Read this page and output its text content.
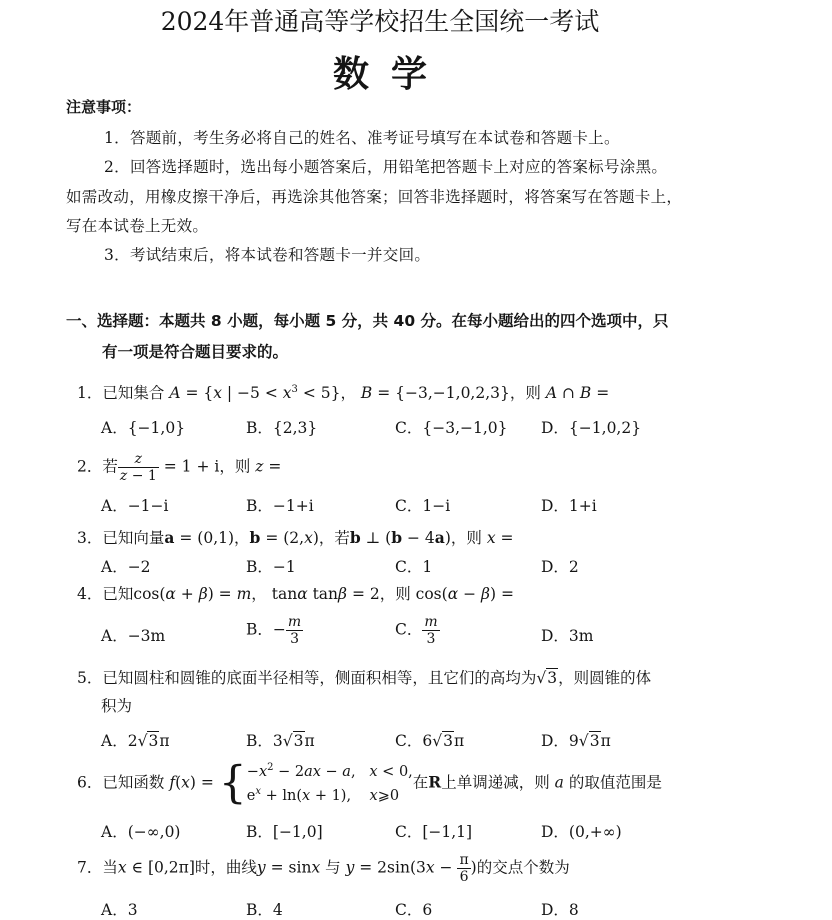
2024年普通高等学校招生全国统一考试
数学
注意事项：
1．答题前，考生务必将自己的姓名、准考证号填写在本试卷和答题卡上。
2．回答选择题时，选出每小题答案后，用铅笔把答题卡上对应的答案标号涂黑。
如需改动，用橡皮擦干净后，再选涂其他答案；回答非选择题时，将答案写在答题卡上，
写在本试卷上无效。
3．考试结束后，将本试卷和答题卡一并交回。
一、选择题：本题共 8 小题，每小题 5 分，共 40 分。在每小题给出的四个选项中，只
有一项是符合题目要求的。
1．已知集合 A = {x | $-5 < x^3 < 5$}， B = {−3,−1,0,2,3}，则 A ∩ B =
A．{−1,0}	B．{2,3}	C．{−3,−1,0} D．{−1,0,2}
2．若 $\frac{z}{z - 1} = 1 + i$，则 z =
A．−1−i	B．−1+i	C．1−i	D．1+i
3．已知向量a = (0,1)，b = (2,x)，若b ⊥ (b − 4a)，则 x =
A．−2	B．−1	C．1	D．2
4．已知cos(α + β) = m， tanα tanβ = 2，则 cos(α − β) =
A．−3m	B．− $\frac{m}{3}$	C． $\frac{m}{3}$	D．3m
5．已知圆柱和圆锥的底面半径相等，侧面积相等，且它们的高均为√3，则圆锥的体
积为
A．2√3π	B．3√3π	C．6√3π	D．9√3π
6．已知函数 f(x) = { $-x^2 - 2ax - a$,   x < 0,
$e^x + \ln(x + 1)$,    x⩾0
在R上单调递减，则 a 的取值范围是
A．(−∞,0)	B．[−1,0]	C．[−1,1]	D．(0,+∞)
7．当x ∈ [0,2π]时，曲线y = sinx 与 $y = 2\sin(3x - \frac{\pi}{6}$ )的交点个数为
A．3	B．4	C．6	D．8
